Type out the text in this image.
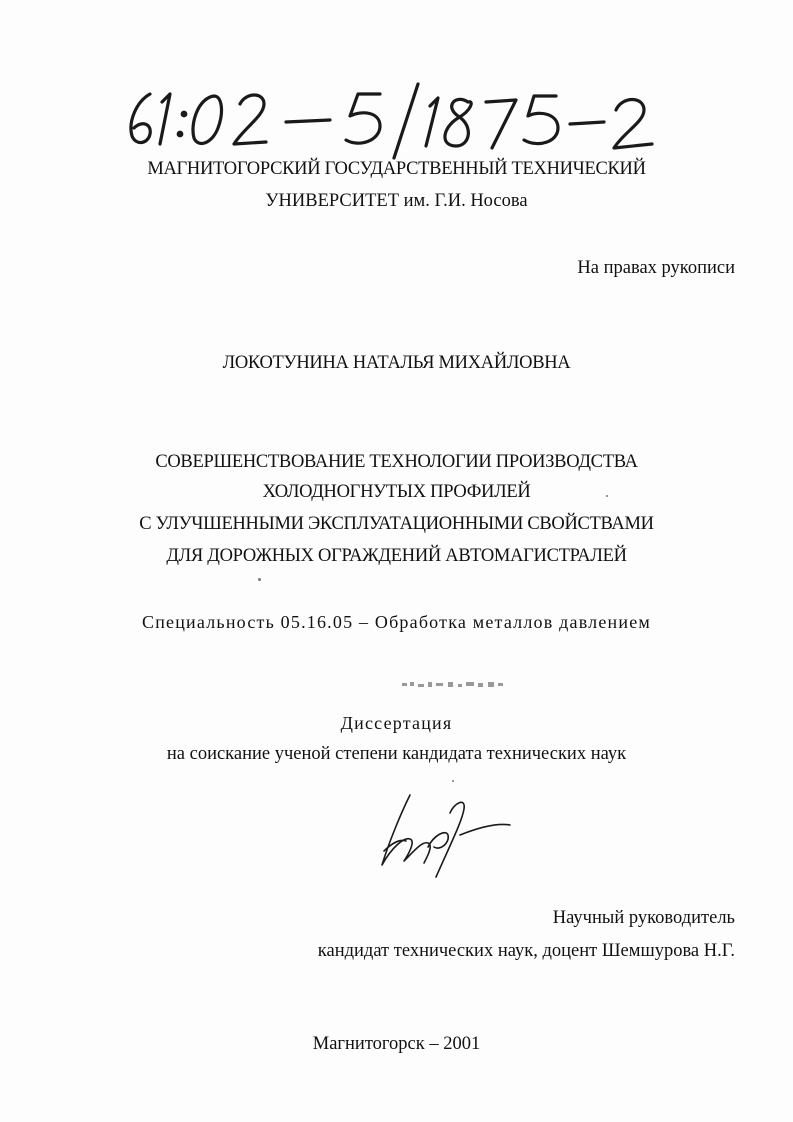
МАГНИТОГОРСКИЙ ГОСУДАРСТВЕННЫЙ ТЕХНИЧЕСКИЙ
УНИВЕРСИТЕТ им. Г.И. Носова
На правах рукописи
ЛОКОТУНИНА НАТАЛЬЯ МИХАЙЛОВНА
СОВЕРШЕНСТВОВАНИЕ ТЕХНОЛОГИИ ПРОИЗВОДСТВА
ХОЛОДНОГНУТЫХ ПРОФИЛЕЙ
С УЛУЧШЕННЫМИ ЭКСПЛУАТАЦИОННЫМИ СВОЙСТВАМИ
ДЛЯ ДОРОЖНЫХ ОГРАЖДЕНИЙ АВТОМАГИСТРАЛЕЙ
Специальность 05.16.05 – Обработка металлов давлением
Диссертация
на соискание ученой степени кандидата технических наук
Научный руководитель
кандидат технических наук, доцент Шемшурова Н.Г.
Магнитогорск – 2001
